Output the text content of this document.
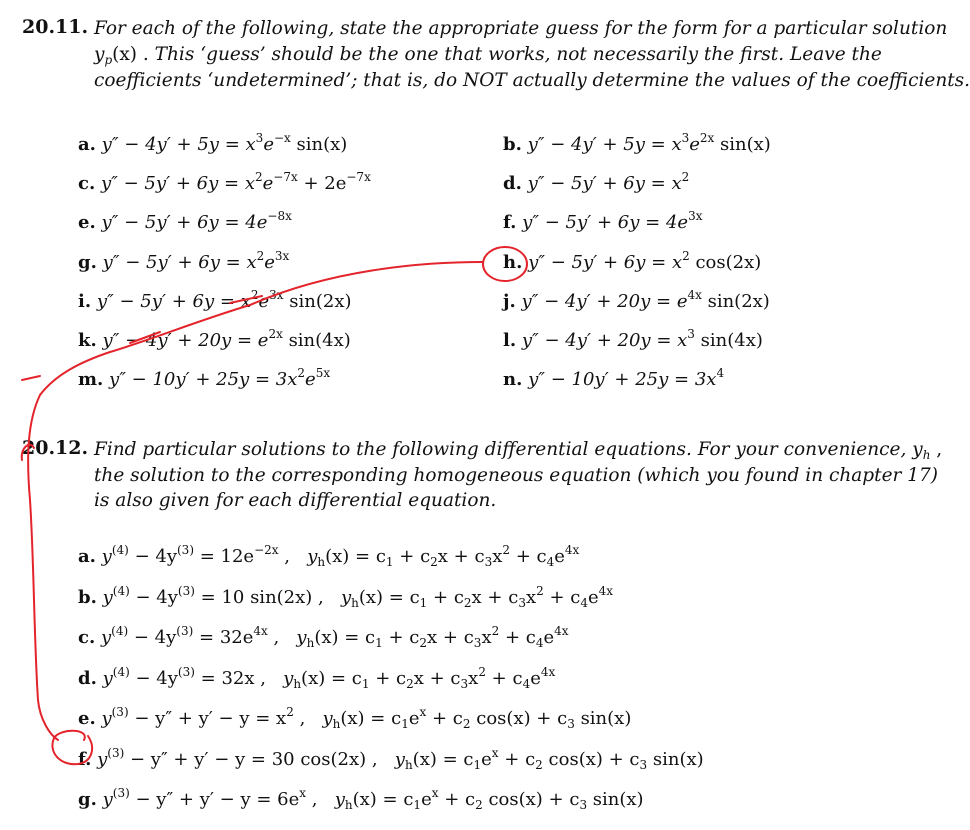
20.11. For each of the following, state the appropriate guess for the form for a particular solution
$y_p(x)$ . This ‘guess’ should be the one that works, not necessarily the first. Leave the
coefficients ‘undetermined’; that is, do NOT actually determine the values of the coefficients.
a. $y'' - 4y' + 5y = x^3e^{-x}$ sin(x)	b. $y'' - 4y' + 5y = x^3e^{2x}$ sin(x)
c. $y'' - 5y' + 6y = x^2e^{-7x} + 2e^{-7x}$	d. $y'' - 5y' + 6y = x^2$
e. $y'' - 5y' + 6y = 4e^{-8x}$	f. $y'' - 5y' + 6y = 4e^{3x}$
g. $y'' - 5y' + 6y = x^2e^{3x}$	h. $y'' - 5y' + 6y = x^2$ cos(2x)
i. $y'' - 5y' + 6y = x^2e^{3x}$ sin(2x)	j. $y'' - 4y' + 20y = e^{4x}$ sin(2x)
k. $y'' - 4y' + 20y = e^{2x}$ sin(4x)	l. $y'' - 4y' + 20y = x^3$ sin(4x)
m. $y'' - 10y' + 25y = 3x^2e^{5x}$	n. $y'' - 10y' + 25y = 3x^4$
20.12. Find particular solutions to the following differential equations. For your convenience, $y_h$ ,
the solution to the corresponding homogeneous equation (which you found in chapter 17)
is also given for each differential equation.
a. $y^{(4)} - 4y^{(3)} = 12e^{-2x}$ , $y_h(x) = c_1 + c_2x + c_3x^2 + c_4e^{4x}$
b. $y^{(4)} - 4y^{(3)} = 10$ sin(2x) , $y_h(x) = c_1 + c_2x + c_3x^2 + c_4e^{4x}$
c. $y^{(4)} - 4y^{(3)} = 32e^{4x}$ , $y_h(x) = c_1 + c_2x + c_3x^2 + c_4e^{4x}$
d. $y^{(4)} - 4y^{(3)} = 32x$ , $y_h(x) = c_1 + c_2x + c_3x^2 + c_4e^{4x}$
e. $y^{(3)} - y'' + y' - y = x^2$ , $y_h(x) = c_1e^x + c_2$ $\cos(x) + c_3$ sin(x)
f. $y^{(3)} - y'' + y' - y = 30$ cos(2x) , $y_h(x) = c_1e^x + c_2$ $\cos(x) + c_3$ sin(x)
g. $y^{(3)} - y'' + y' - y = 6e^x$ , $y_h(x) = c_1e^x + c_2$ $\cos(x) + c_3$ sin(x)
